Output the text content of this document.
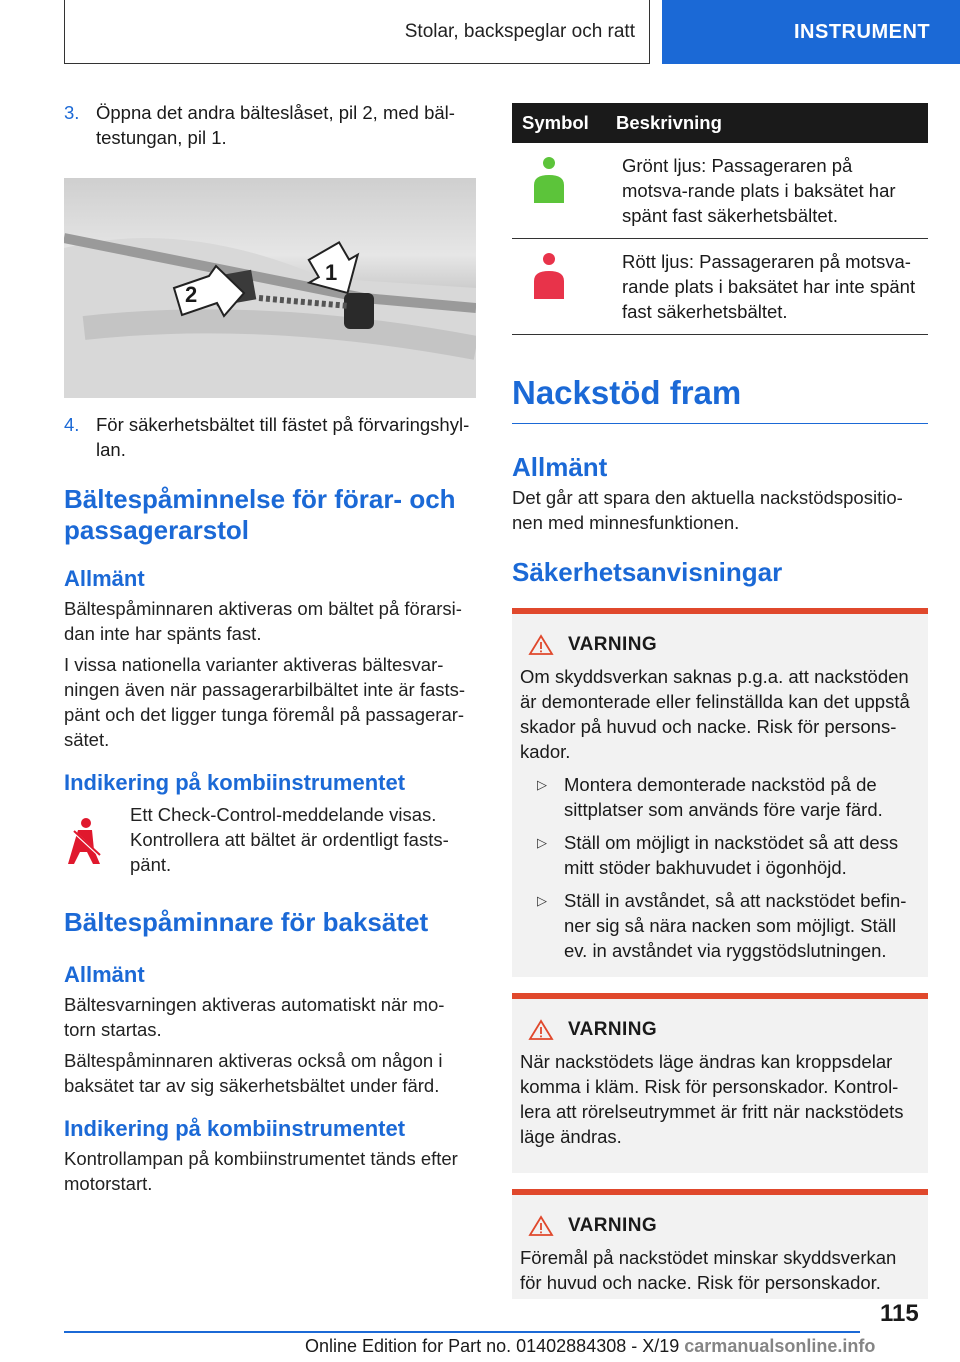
Stolar, backspeglar och ratt	INSTRUMENT
3. Öppna det andra bälteslåset, pil 2, med bäl-testungan, pil 1.
1
2
4. För säkerhetsbältet till fästet på förvaringshyl-lan.
Bältespåminnelse för förar- och passagerarstol
Allmänt

Bältespåminnaren aktiveras om bältet på förarsi-dan inte har spänts fast.

I vissa nationella varianter aktiveras bältesvar-ningen även när passagerarbilbältet inte är fasts-pänt och det ligger tunga föremål på passagerar-sätet.

Indikering på kombiinstrumentet

Ett Check-Control-meddelande visas. Kontrollera att bältet är ordentligt fasts-pänt.

Bältespåminnare för baksätet
Allmänt

Bältesvarningen aktiveras automatiskt när mo-torn startas.

Bältespåminnaren aktiveras också om någon i baksätet tar av sig säkerhetsbältet under färd.

Indikering på kombiinstrumentet

Kontrollampan på kombiinstrumentet tänds efter motorstart.

Symbol	Beskrivning

	Grönt ljus: Passageraren på motsva-rande plats i baksätet har spänt fast säkerhetsbältet.

	Rött ljus: Passageraren på motsva-rande plats i baksätet har inte spänt fast säkerhetsbältet.
Nackstöd fram
Allmänt

Det går att spara den aktuella nackstödspositio-nen med minnesfunktionen.

Säkerhetsanvisningar
VARNING

Om skyddsverkan saknas p.g.a. att nackstöden är demonterade eller felinställda kan det uppstå skador på huvud och nacke. Risk för persons-kador.

▷ Montera demonterade nackstöd på de sittplatser som används före varje färd.
▷ Ställ om möjligt in nackstödet så att dess mitt stöder bakhuvudet i ögonhöjd.
▷ Ställ in avståndet, så att nackstödet befin-ner sig så nära nacken som möjligt. Ställ ev. in avståndet via ryggstödslutningen.
VARNING

När nackstödets läge ändras kan kroppsdelar komma i kläm. Risk för personskador. Kontrol-lera att rörelseutrymmet är fritt när nackstödets läge ändras.

VARNING

Föremål på nackstödet minskar skyddsverkan för huvud och nacke. Risk för personskador.

115
Online Edition for Part no. 01402884308 - X/19 carmanualsonline.info
